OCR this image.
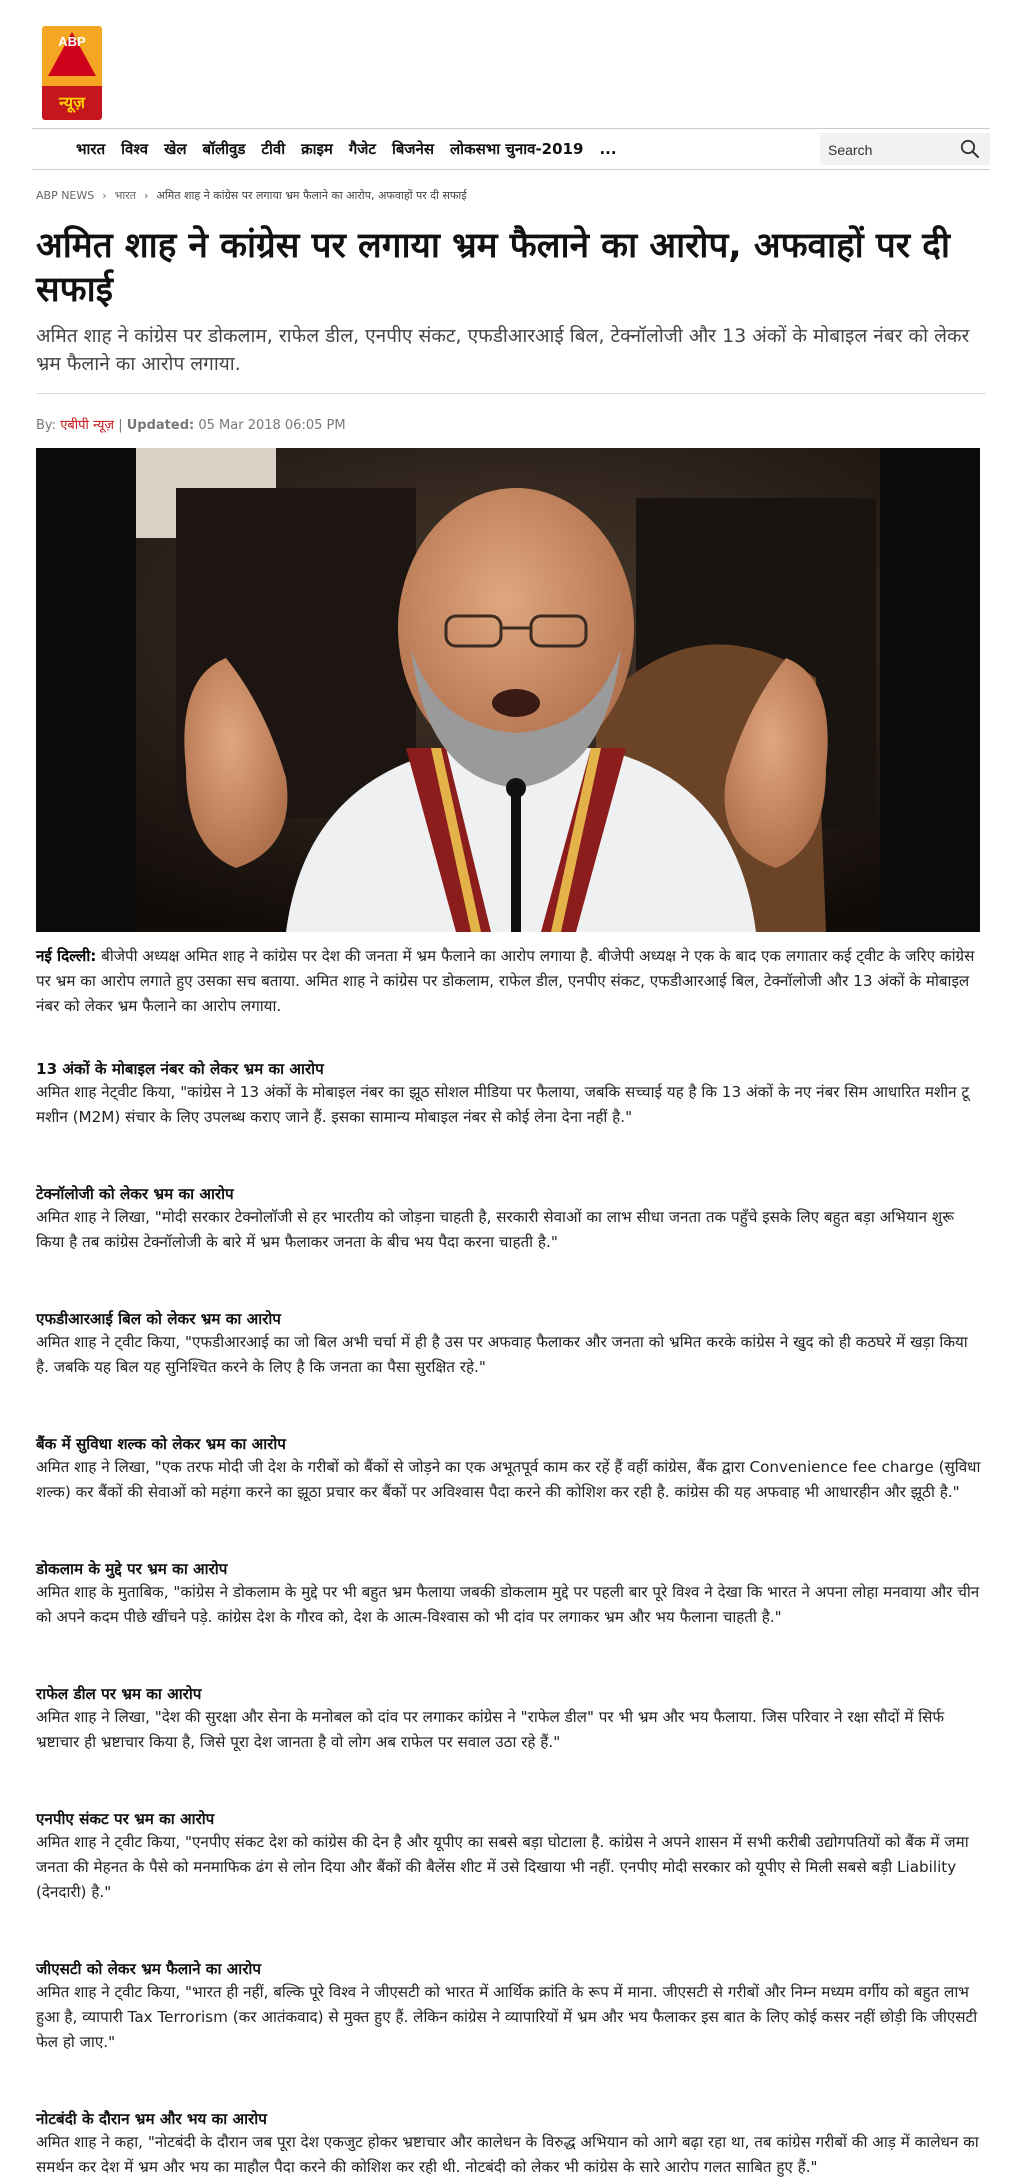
ABP
न्यूज़
भारत विश्व खेल बॉलीवुड टीवी क्राइम गैजेट बिजनेस लोकसभा चुनाव-2019 ...
Search
ABP NEWS › भारत › अमित शाह ने कांग्रेस पर लगाया भ्रम फैलाने का आरोप, अफवाहों पर दी सफाई
अमित शाह ने कांग्रेस पर लगाया भ्रम फैलाने का आरोप, अफवाहों पर दी सफाई

अमित शाह ने कांग्रेस पर डोकलाम, राफेल डील, एनपीए संकट, एफडीआरआई बिल, टेक्नॉलोजी और 13 अंकों के मोबाइल नंबर को लेकर भ्रम फैलाने का आरोप लगाया.

By: एबीपी न्यूज़ | Updated: 05 Mar 2018 06:05 PM

नई दिल्ली: बीजेपी अध्यक्ष अमित शाह ने कांग्रेस पर देश की जनता में भ्रम फैलाने का आरोप लगाया है. बीजेपी अध्यक्ष ने एक के बाद एक लगातार कई ट्वीट के जरिए कांग्रेस पर भ्रम का आरोप लगाते हुए उसका सच बताया. अमित शाह ने कांग्रेस पर डोकलाम, राफेल डील, एनपीए संकट, एफडीआरआई बिल, टेक्नॉलोजी और 13 अंकों के मोबाइल नंबर को लेकर भ्रम फैलाने का आरोप लगाया.

13 अंकों के मोबाइल नंबर को लेकर भ्रम का आरोप

अमित शाह नेट्वीट किया, "कांग्रेस ने 13 अंकों के मोबाइल नंबर का झूठ सोशल मीडिया पर फैलाया, जबकि सच्चाई यह है कि 13 अंकों के नए नंबर सिम आधारित मशीन टू मशीन (M2M) संचार के लिए उपलब्ध कराए जाने हैं. इसका सामान्य मोबाइल नंबर से कोई लेना देना नहीं है."

टेक्नॉलोजी को लेकर भ्रम का आरोप

अमित शाह ने लिखा, "मोदी सरकार टेक्नोलॉजी से हर भारतीय को जोड़ना चाहती है, सरकारी सेवाओं का लाभ सीधा जनता तक पहुँचे इसके लिए बहुत बड़ा अभियान शुरू किया है तब कांग्रेस टेक्नॉलोजी के बारे में भ्रम फैलाकर जनता के बीच भय पैदा करना चाहती है."

एफडीआरआई बिल को लेकर भ्रम का आरोप

अमित शाह ने ट्वीट किया, "एफडीआरआई का जो बिल अभी चर्चा में ही है उस पर अफवाह फैलाकर और जनता को भ्रमित करके कांग्रेस ने खुद को ही कठघरे में खड़ा किया है. जबकि यह बिल यह सुनिश्चित करने के लिए है कि जनता का पैसा सुरक्षित रहे."

बैंक में सुविधा शल्क को लेकर भ्रम का आरोप

अमित शाह ने लिखा, "एक तरफ मोदी जी देश के गरीबों को बैंकों से जोड़ने का एक अभूतपूर्व काम कर रहें हैं वहीं कांग्रेस, बैंक द्वारा Convenience fee charge (सुविधा शल्क) कर बैंकों की सेवाओं को महंगा करने का झूठा प्रचार कर बैंकों पर अविश्वास पैदा करने की कोशिश कर रही है. कांग्रेस की यह अफवाह भी आधारहीन और झूठी है."

डोकलाम के मुद्दे पर भ्रम का आरोप

अमित शाह के मुताबिक, "कांग्रेस ने डोकलाम के मुद्दे पर भी बहुत भ्रम फैलाया जबकी डोकलाम मुद्दे पर पहली बार पूरे विश्व ने देखा कि भारत ने अपना लोहा मनवाया और चीन को अपने कदम पीछे खींचने पड़े. कांग्रेस देश के गौरव को, देश के आत्म-विश्वास को भी दांव पर लगाकर भ्रम और भय फैलाना चाहती है."

राफेल डील पर भ्रम का आरोप

अमित शाह ने लिखा, "देश की सुरक्षा और सेना के मनोबल को दांव पर लगाकर कांग्रेस ने "राफेल डील" पर भी भ्रम और भय फैलाया. जिस परिवार ने रक्षा सौदों में सिर्फ भ्रष्टाचार ही भ्रष्टाचार किया है, जिसे पूरा देश जानता है वो लोग अब राफेल पर सवाल उठा रहे हैं."

एनपीए संकट पर भ्रम का आरोप

अमित शाह ने ट्वीट किया, "एनपीए संकट देश को कांग्रेस की देन है और यूपीए का सबसे बड़ा घोटाला है. कांग्रेस ने अपने शासन में सभी करीबी उद्योगपतियों को बैंक में जमा जनता की मेहनत के पैसे को मनमाफिक ढंग से लोन दिया और बैंकों की बैलेंस शीट में उसे दिखाया भी नहीं. एनपीए मोदी सरकार को यूपीए से मिली सबसे बड़ी Liability (देनदारी) है."

जीएसटी को लेकर भ्रम फैलाने का आरोप

अमित शाह ने ट्वीट किया, "भारत ही नहीं, बल्कि पूरे विश्व ने जीएसटी को भारत में आर्थिक क्रांति के रूप में माना. जीएसटी से गरीबों और निम्न मध्यम वर्गीय को बहुत लाभ हुआ है, व्यापारी Tax Terrorism (कर आतंकवाद) से मुक्त हुए हैं. लेकिन कांग्रेस ने व्यापारियों में भ्रम और भय फैलाकर इस बात के लिए कोई कसर नहीं छोड़ी कि जीएसटी फेल हो जाए."

नोटबंदी के दौरान भ्रम और भय का आरोप

अमित शाह ने कहा, "नोटबंदी के दौरान जब पूरा देश एकजुट होकर भ्रष्टाचार और कालेधन के विरुद्ध अभियान को आगे बढ़ा रहा था, तब कांग्रेस गरीबों की आड़ में कालेधन का समर्थन कर देश में भ्रम और भय का माहौल पैदा करने की कोशिश कर रही थी. नोटबंदी को लेकर भी कांग्रेस के सारे आरोप गलत साबित हुए हैं."
